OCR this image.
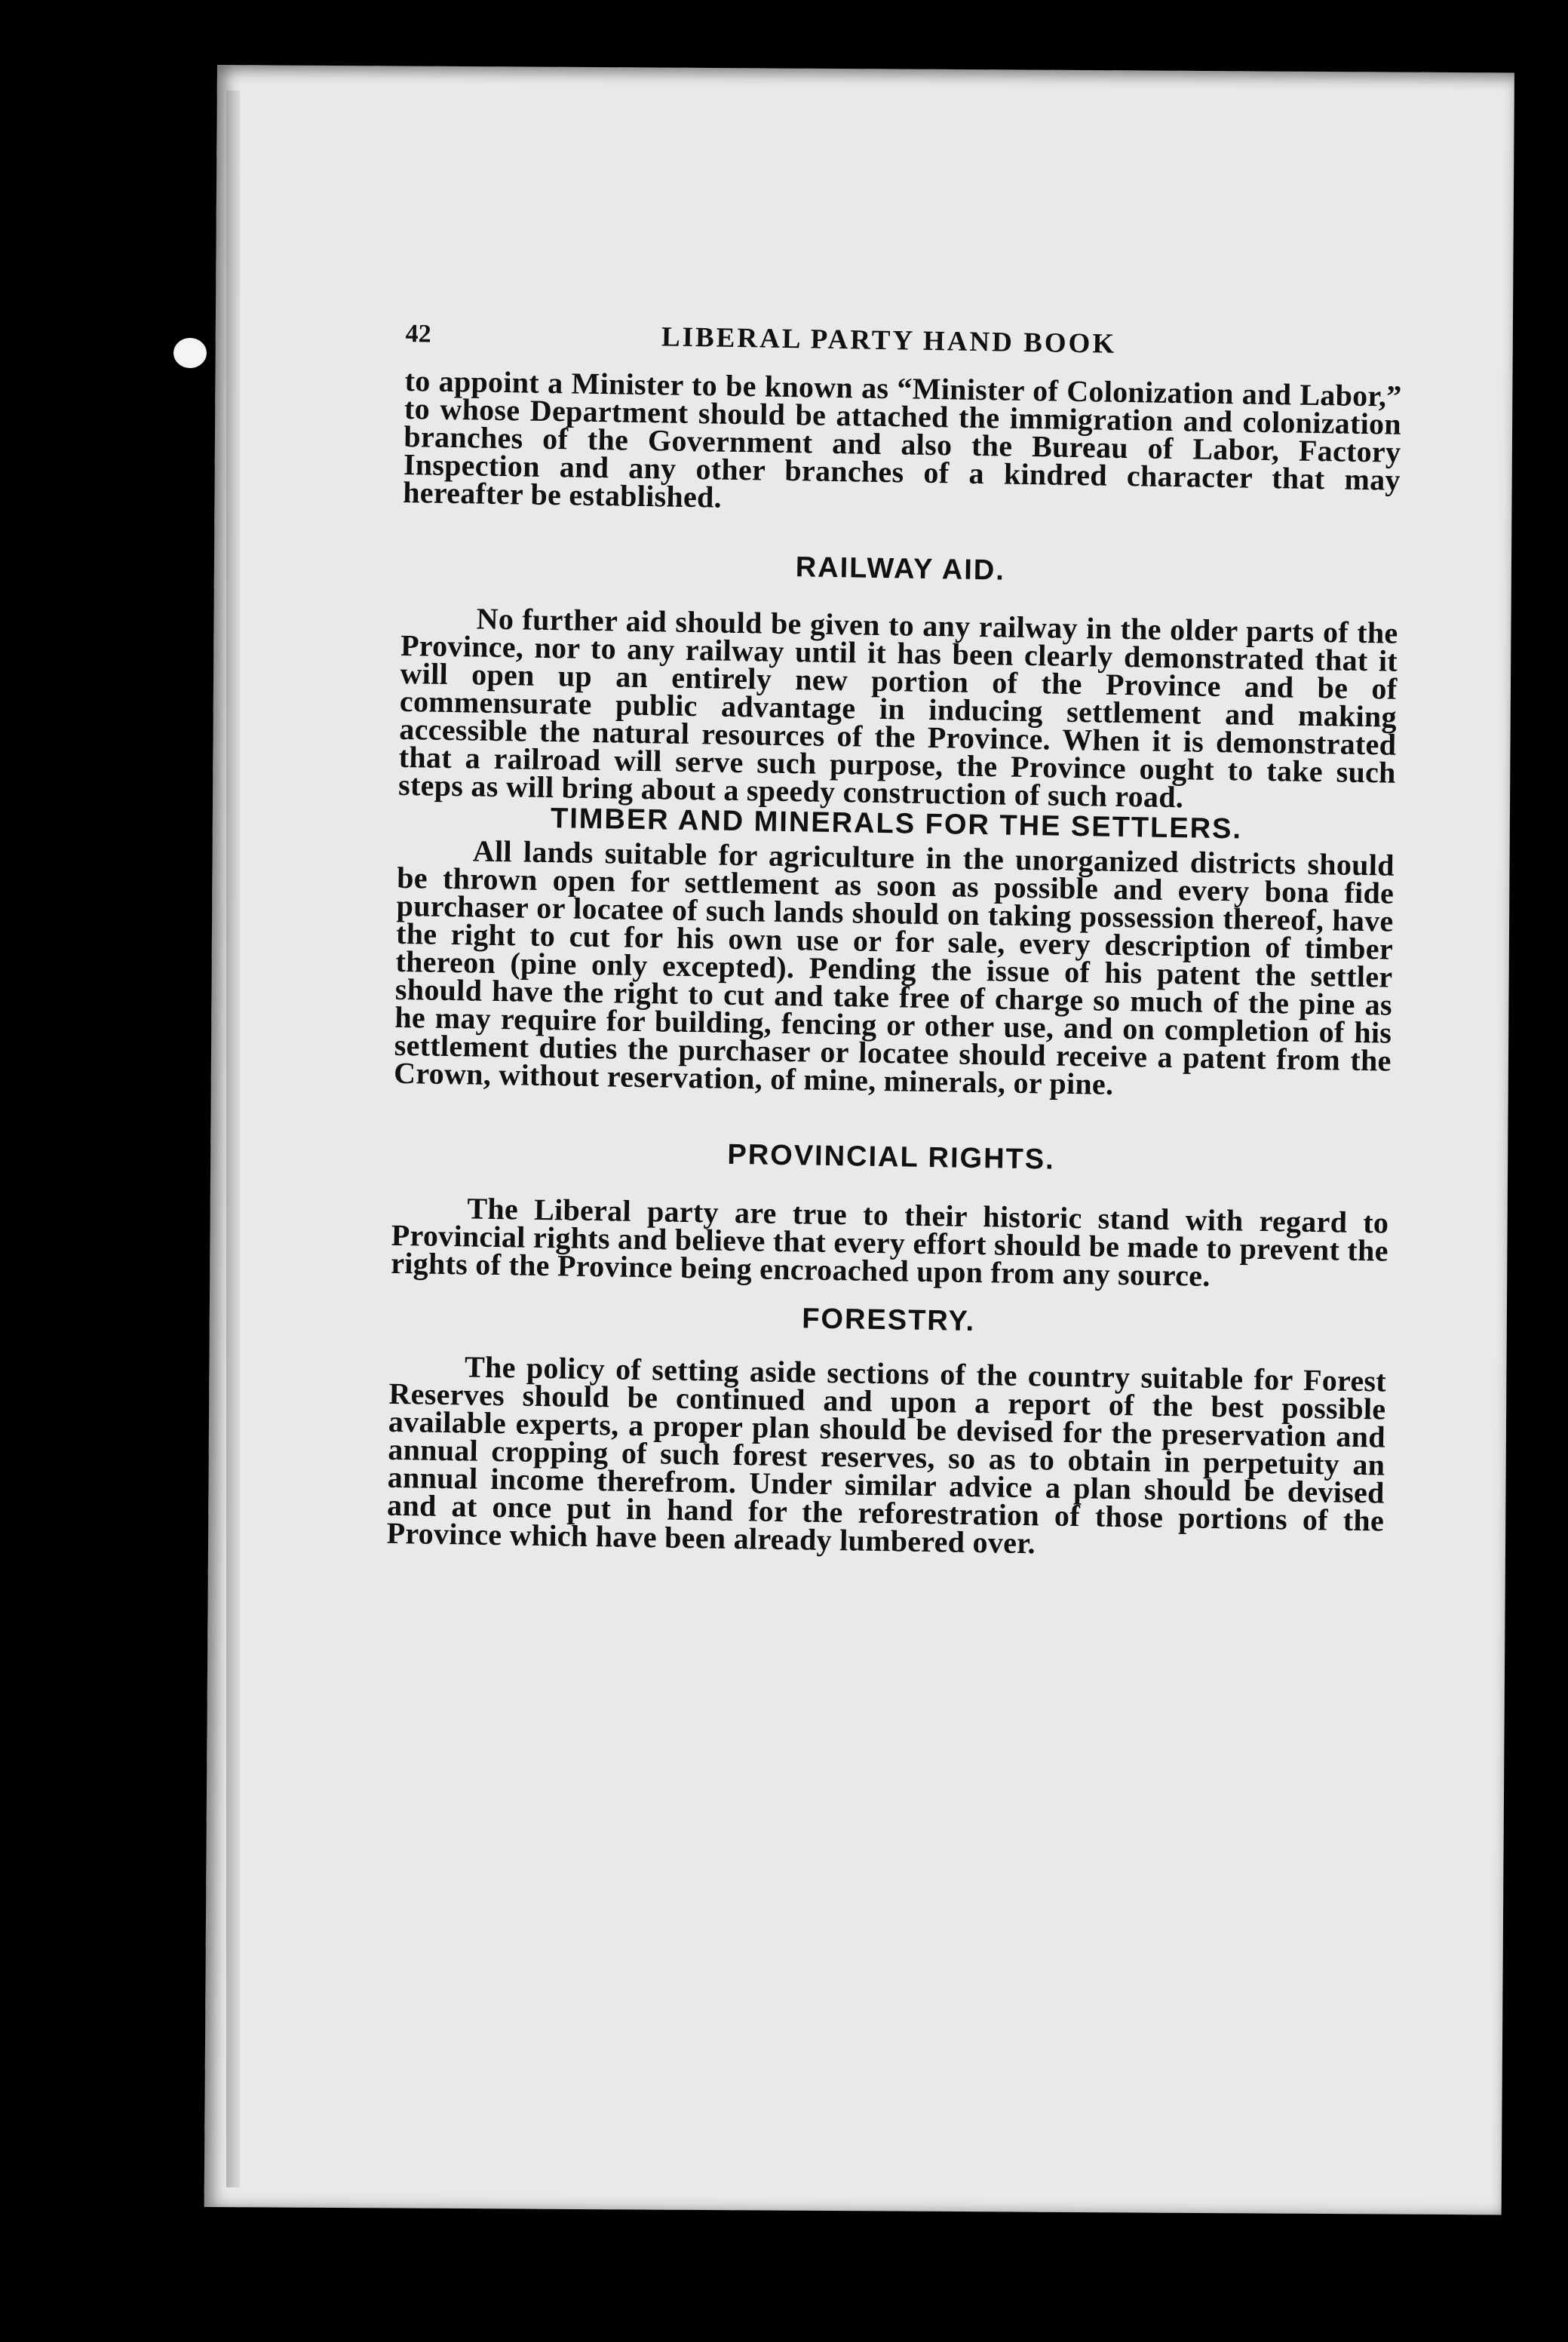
42	LIBERAL PARTY HAND BOOK

to appoint a Minister to be known as “Minister of Colonization and Labor,” to whose Department should be attached the immigration and colonization branches of the Government and also the Bureau of Labor, Factory Inspection and any other branches of a kindred character that may hereafter be established.

RAILWAY AID.

No further aid should be given to any railway in the older parts of the Province, nor to any railway until it has been clearly demonstrated that it will open up an entirely new portion of the Province and be of commensurate public advantage in inducing settlement and making accessible the natural resources of the Province. When it is demonstrated that a railroad will serve such purpose, the Province ought to take such steps as will bring about a speedy construction of such road.

TIMBER AND MINERALS FOR THE SETTLERS.

All lands suitable for agriculture in the unorganized districts should be thrown open for settlement as soon as possible and every bona fide purchaser or locatee of such lands should on taking possession thereof, have the right to cut for his own use or for sale, every description of timber thereon (pine only excepted). Pending the issue of his patent the settler should have the right to cut and take free of charge so much of the pine as he may require for building, fencing or other use, and on completion of his settlement duties the purchaser or locatee should receive a patent from the Crown, without reservation, of mine, minerals, or pine.

PROVINCIAL RIGHTS.

The Liberal party are true to their historic stand with regard to Provincial rights and believe that every effort should be made to prevent the rights of the Province being encroached upon from any source.

FORESTRY.

The policy of setting aside sections of the country suitable for Forest Reserves should be continued and upon a report of the best possible available experts, a proper plan should be devised for the preservation and annual cropping of such forest reserves, so as to obtain in perpetuity an annual income therefrom. Under similar advice a plan should be devised and at once put in hand for the reforestration of those portions of the Province which have been already lumbered over.
